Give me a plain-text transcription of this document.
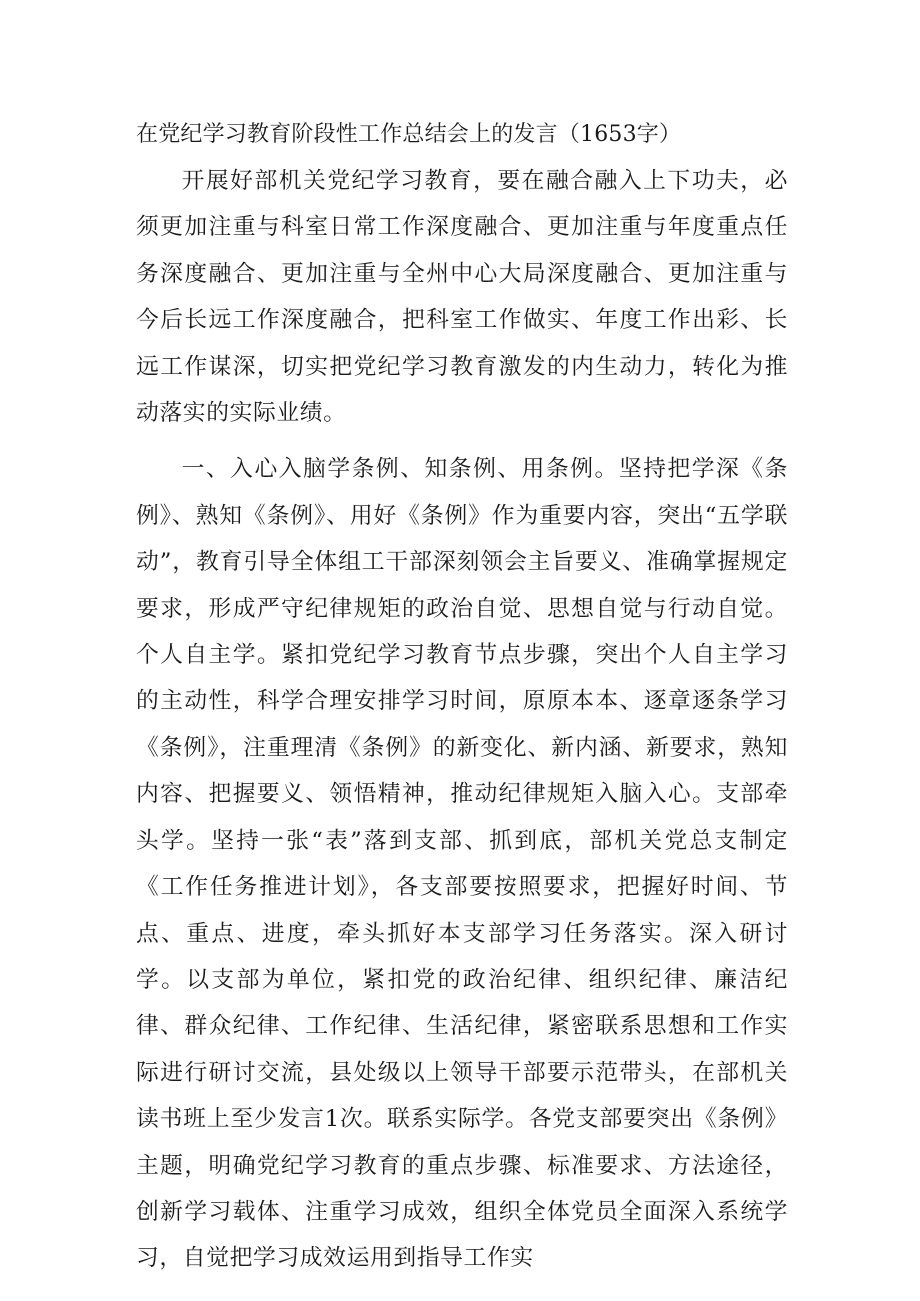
在党纪学习教育阶段性工作总结会上的发言（1653字）

开展好部机关党纪学习教育，要在融合融入上下功夫，必须更加注重与科室日常工作深度融合、更加注重与年度重点任务深度融合、更加注重与全州中心大局深度融合、更加注重与今后长远工作深度融合，把科室工作做实、年度工作出彩、长远工作谋深，切实把党纪学习教育激发的内生动力，转化为推动落实的实际业绩。

一、入心入脑学条例、知条例、用条例。坚持把学深《条例》、熟知《条例》、用好《条例》作为重要内容，突出“五学联动”，教育引导全体组工干部深刻领会主旨要义、准确掌握规定要求，形成严守纪律规矩的政治自觉、思想自觉与行动自觉。个人自主学。紧扣党纪学习教育节点步骤，突出个人自主学习的主动性，科学合理安排学习时间，原原本本、逐章逐条学习《条例》，注重理清《条例》的新变化、新内涵、新要求，熟知内容、把握要义、领悟精神，推动纪律规矩入脑入心。支部牵头学。坚持一张“表”落到支部、抓到底，部机关党总支制定《工作任务推进计划》，各支部要按照要求，把握好时间、节点、重点、进度，牵头抓好本支部学习任务落实。深入研讨学。以支部为单位，紧扣党的政治纪律、组织纪律、廉洁纪律、群众纪律、工作纪律、生活纪律，紧密联系思想和工作实际进行研讨交流，县处级以上领导干部要示范带头，在部机关读书班上至少发言1次。联系实际学。各党支部要突出《条例》主题，明确党纪学习教育的重点步骤、标准要求、方法途径，创新学习载体、注重学习成效，组织全体党员全面深入系统学习，自觉把学习成效运用到指导工作实
